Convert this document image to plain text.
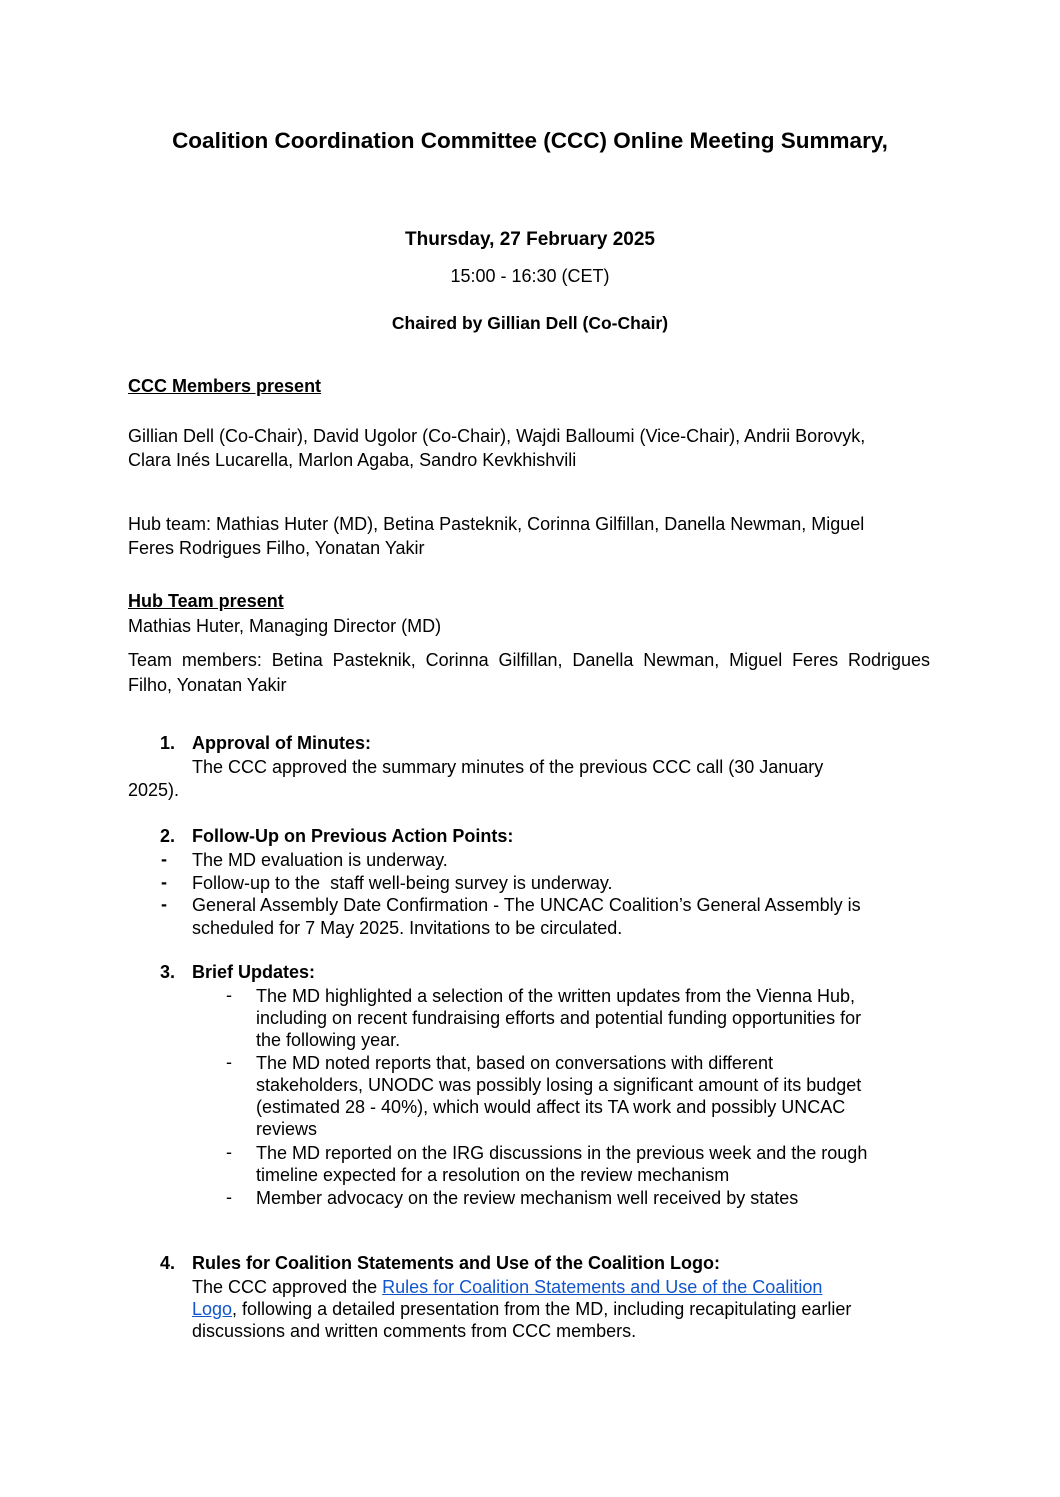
Coalition Coordination Committee (CCC) Online Meeting Summary,
Thursday, 27 February 2025
15:00 - 16:30 (CET)
Chaired by Gillian Dell (Co-Chair)
CCC Members present
Gillian Dell (Co-Chair), David Ugolor (Co-Chair), Wajdi Balloumi (Vice-Chair), Andrii Borovyk,
Clara Inés Lucarella, Marlon Agaba, Sandro Kevkhishvili
Hub team: Mathias Huter (MD), Betina Pasteknik, Corinna Gilfillan, Danella Newman, Miguel
Feres Rodrigues Filho, Yonatan Yakir
Hub Team present
Mathias Huter, Managing Director (MD)
Team members: Betina Pasteknik, Corinna Gilfillan, Danella Newman, Miguel Feres Rodrigues Filho, Yonatan Yakir
1. Approval of Minutes:
The CCC approved the summary minutes of the previous CCC call (30 January
2025).
2. Follow-Up on Previous Action Points:
- The MD evaluation is underway.
- Follow-up to the  staff well-being survey is underway.
- General Assembly Date Confirmation - The UNCAC Coalition’s General Assembly is
scheduled for 7 May 2025. Invitations to be circulated.
3. Brief Updates:
- The MD highlighted a selection of the written updates from the Vienna Hub,
including on recent fundraising efforts and potential funding opportunities for
the following year.
- The MD noted reports that, based on conversations with different
stakeholders, UNODC was possibly losing a significant amount of its budget
(estimated 28 - 40%), which would affect its TA work and possibly UNCAC
reviews
- The MD reported on the IRG discussions in the previous week and the rough
timeline expected for a resolution on the review mechanism
- Member advocacy on the review mechanism well received by states
4. Rules for Coalition Statements and Use of the Coalition Logo:
The CCC approved the Rules for Coalition Statements and Use of the Coalition
Logo, following a detailed presentation from the MD, including recapitulating earlier
discussions and written comments from CCC members.
